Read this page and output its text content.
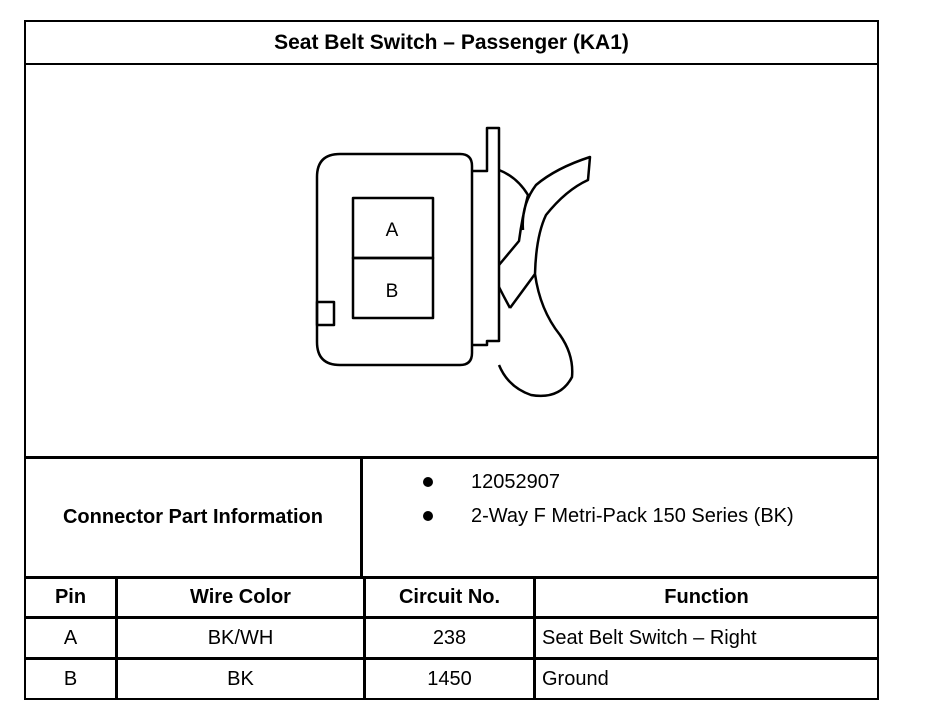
Seat Belt Switch – Passenger (KA1)
A
B
Connector Part Information
12052907
2-Way F Metri-Pack 150 Series (BK)
Pin	Wire Color	Circuit No.	Function
A	BK/WH	238	Seat Belt Switch – Right
B	BK	1450	Ground
